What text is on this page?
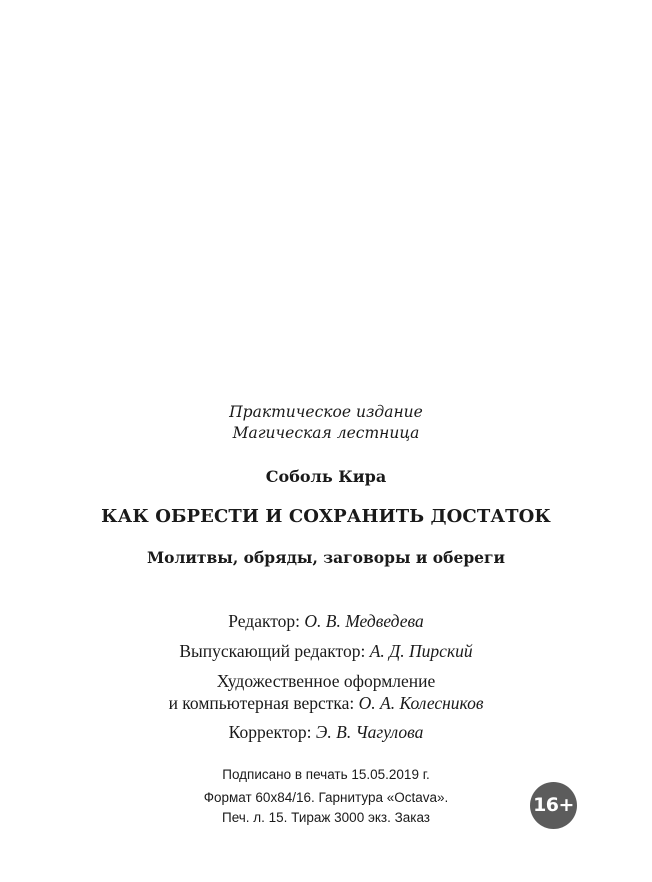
Практическое издание
Магическая лестница
Соболь Кира
КАК ОБРЕСТИ И СОХРАНИТЬ ДОСТАТОК
Молитвы, обряды, заговоры и обереги
Редактор: О. В. Медведева
Выпускающий редактор: А. Д. Пирский
Художественное оформление
и компьютерная верстка: О. А. Колесников
Корректор: Э. В. Чагулова
Подписано в печать 15.05.2019 г.
Формат 60х84/16. Гарнитура «Octava».
Печ. л. 15. Тираж 3000 экз. Заказ
16+
